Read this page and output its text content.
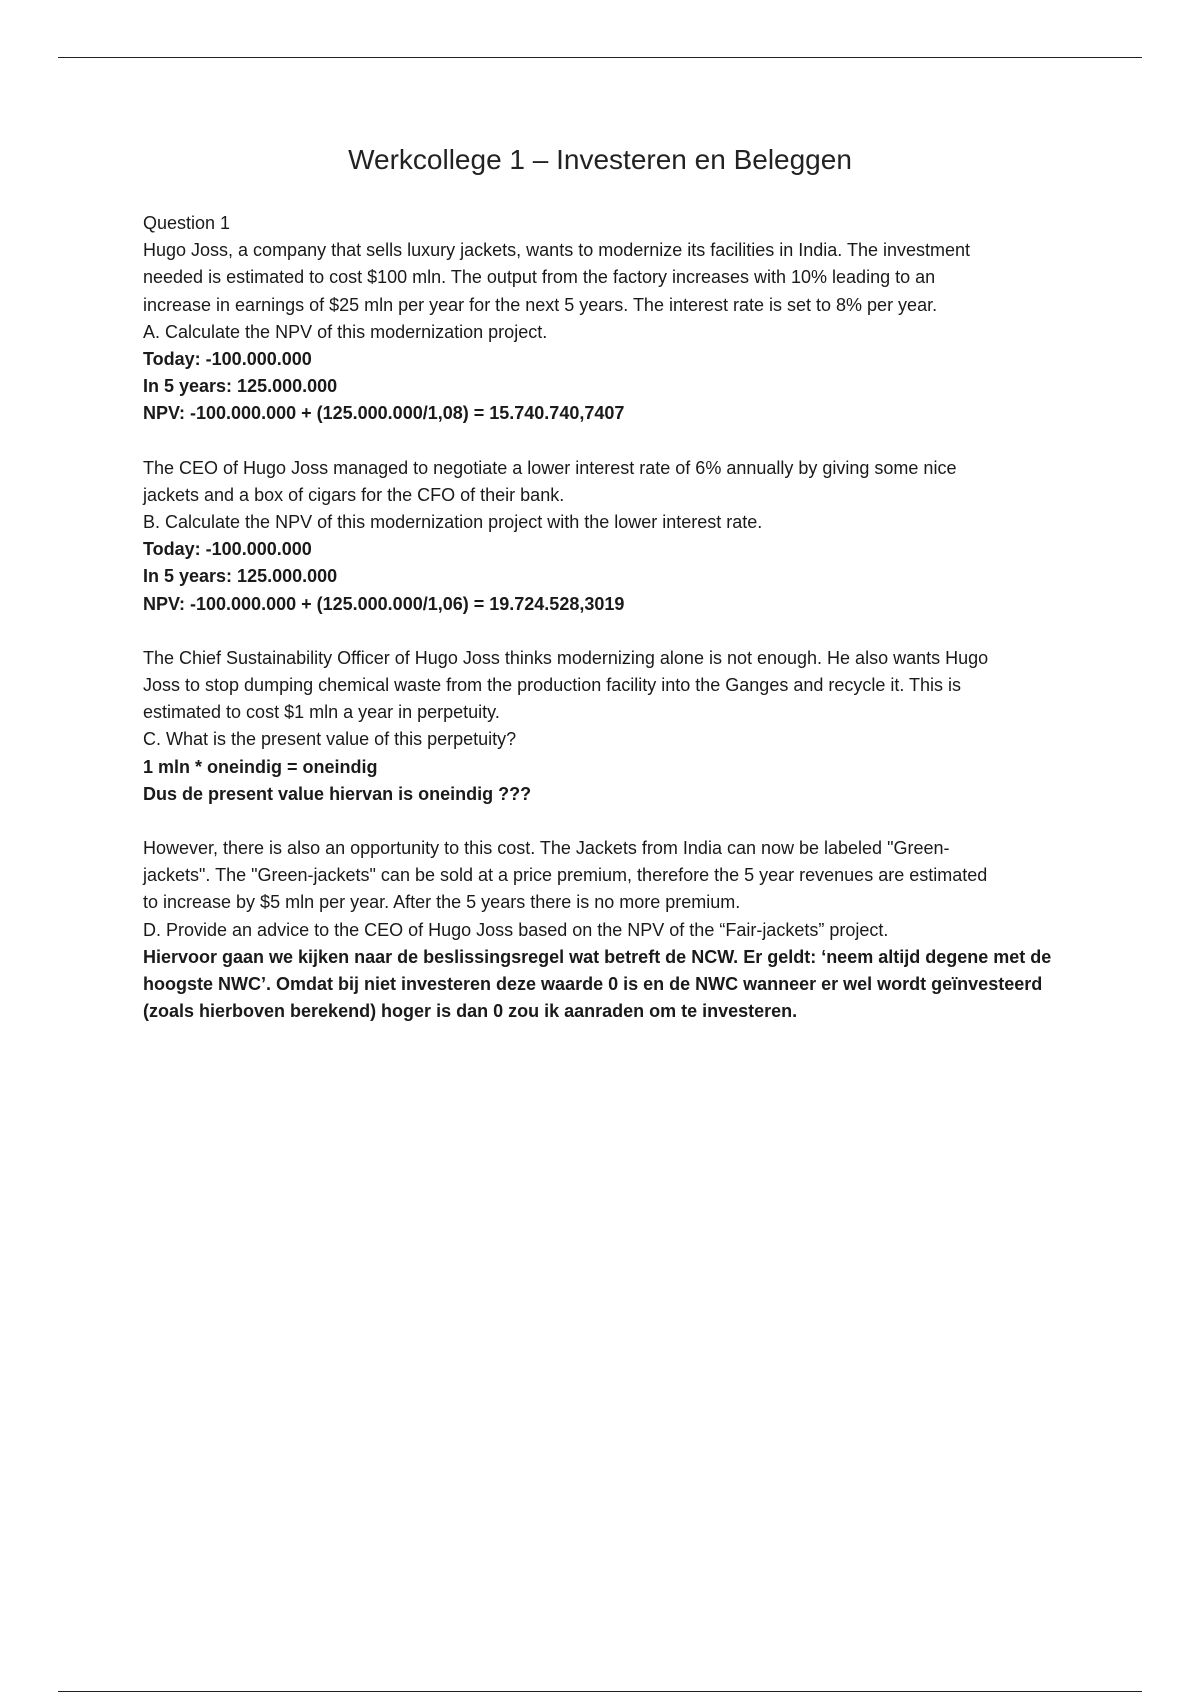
Werkcollege 1 – Investeren en Beleggen

Question 1

Hugo Joss, a company that sells luxury jackets, wants to modernize its facilities in India. The investment needed is estimated to cost $100 mln. The output from the factory increases with 10% leading to an increase in earnings of $25 mln per year for the next 5 years. The interest rate is set to 8% per year.

A. Calculate the NPV of this modernization project.

Today: -100.000.000

In 5 years: 125.000.000

NPV: -100.000.000 + (125.000.000/1,08) = 15.740.740,7407

The CEO of Hugo Joss managed to negotiate a lower interest rate of 6% annually by giving some nice jackets and a box of cigars for the CFO of their bank.

B. Calculate the NPV of this modernization project with the lower interest rate.

Today: -100.000.000

In 5 years: 125.000.000

NPV: -100.000.000 + (125.000.000/1,06) = 19.724.528,3019

The Chief Sustainability Officer of Hugo Joss thinks modernizing alone is not enough. He also wants Hugo Joss to stop dumping chemical waste from the production facility into the Ganges and recycle it. This is estimated to cost $1 mln a year in perpetuity.

C. What is the present value of this perpetuity?

1 mln * oneindig = oneindig

Dus de present value hiervan is oneindig ???

However, there is also an opportunity to this cost. The Jackets from India can now be labeled "Green-jackets". The "Green-jackets" can be sold at a price premium, therefore the 5 year revenues are estimated to increase by $5 mln per year. After the 5 years there is no more premium.

D. Provide an advice to the CEO of Hugo Joss based on the NPV of the “Fair-jackets” project.

Hiervoor gaan we kijken naar de beslissingsregel wat betreft de NCW. Er geldt: ‘neem altijd degene met de hoogste NWC’. Omdat bij niet investeren deze waarde 0 is en de NWC wanneer er wel wordt geïnvesteerd (zoals hierboven berekend) hoger is dan 0 zou ik aanraden om te investeren.
